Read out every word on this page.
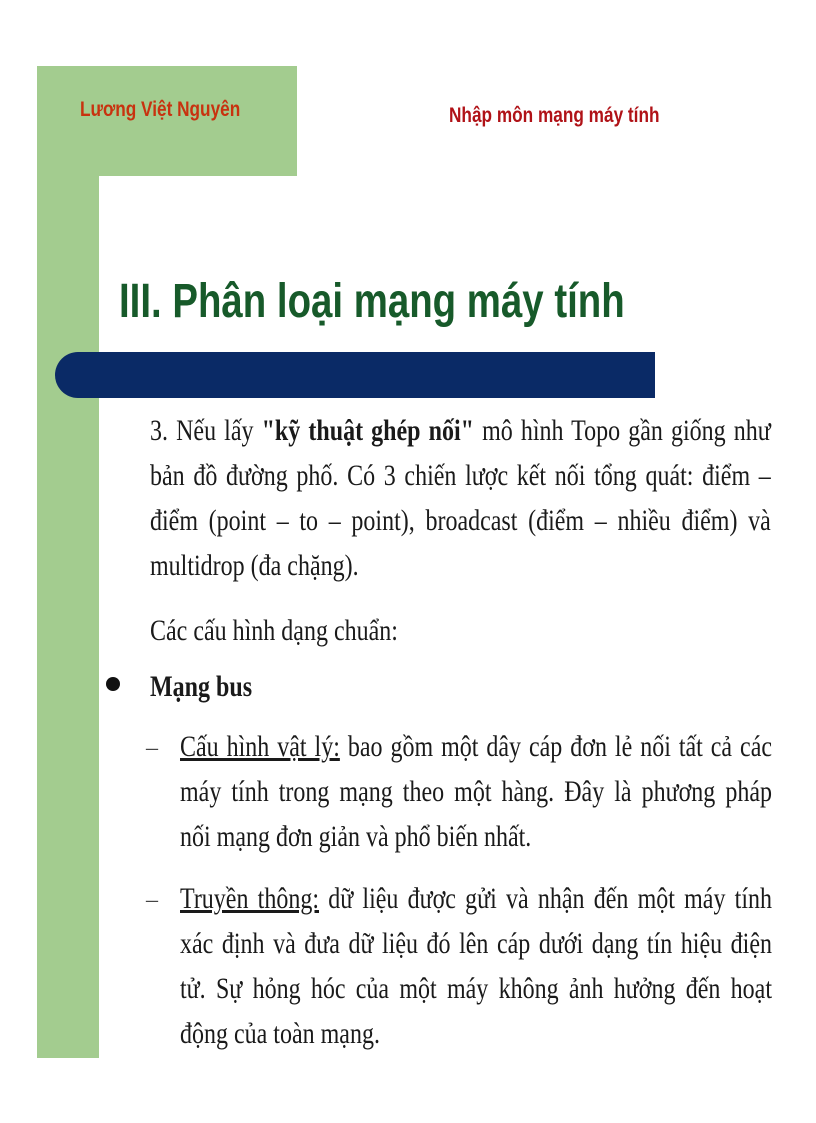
Lương Việt Nguyên	Nhập môn mạng máy tính
III. Phân loại mạng máy tính
3. Nếu lấy "kỹ thuật ghép nối" mô hình Topo gần giống như
bản đồ đường phố. Có 3 chiến lược kết nối tổng quát: điểm –
điểm (point – to – point), broadcast (điểm – nhiều điểm) và
multidrop (đa chặng).
Các cấu hình dạng chuẩn:
Mạng bus
– Cấu hình vật lý: bao gồm một dây cáp đơn lẻ nối tất cả các
máy tính trong mạng theo một hàng. Đây là phương pháp
nối mạng đơn giản và phổ biến nhất.
– Truyền thông: dữ liệu được gửi và nhận đến một máy tính
xác định và đưa dữ liệu đó lên cáp dưới dạng tín hiệu điện
tử. Sự hỏng hóc của một máy không ảnh hưởng đến hoạt
động của toàn mạng.
